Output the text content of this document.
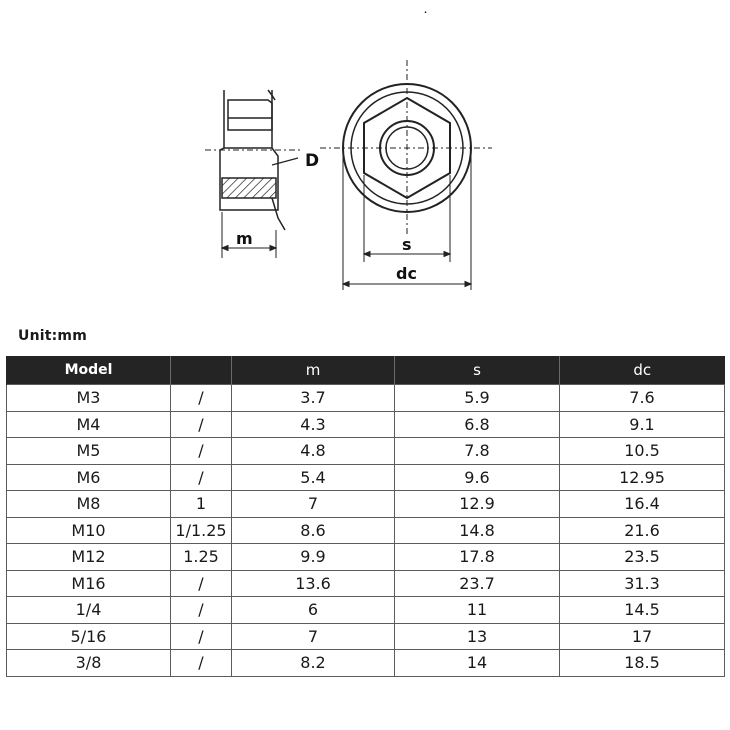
.
m
D
s
dc
Unit:mm
Model		m	s	dc
M3	/	3.7	5.9	7.6
M4	/	4.3	6.8	9.1
M5	/	4.8	7.8	10.5
M6	/	5.4	9.6	12.95
M8	1	7	12.9	16.4
M10	1/1.25	8.6	14.8	21.6
M12	1.25	9.9	17.8	23.5
M16	/	13.6	23.7	31.3
1/4	/	6	11	14.5
5/16	/	7	13	17
3/8	/	8.2	14	18.5
